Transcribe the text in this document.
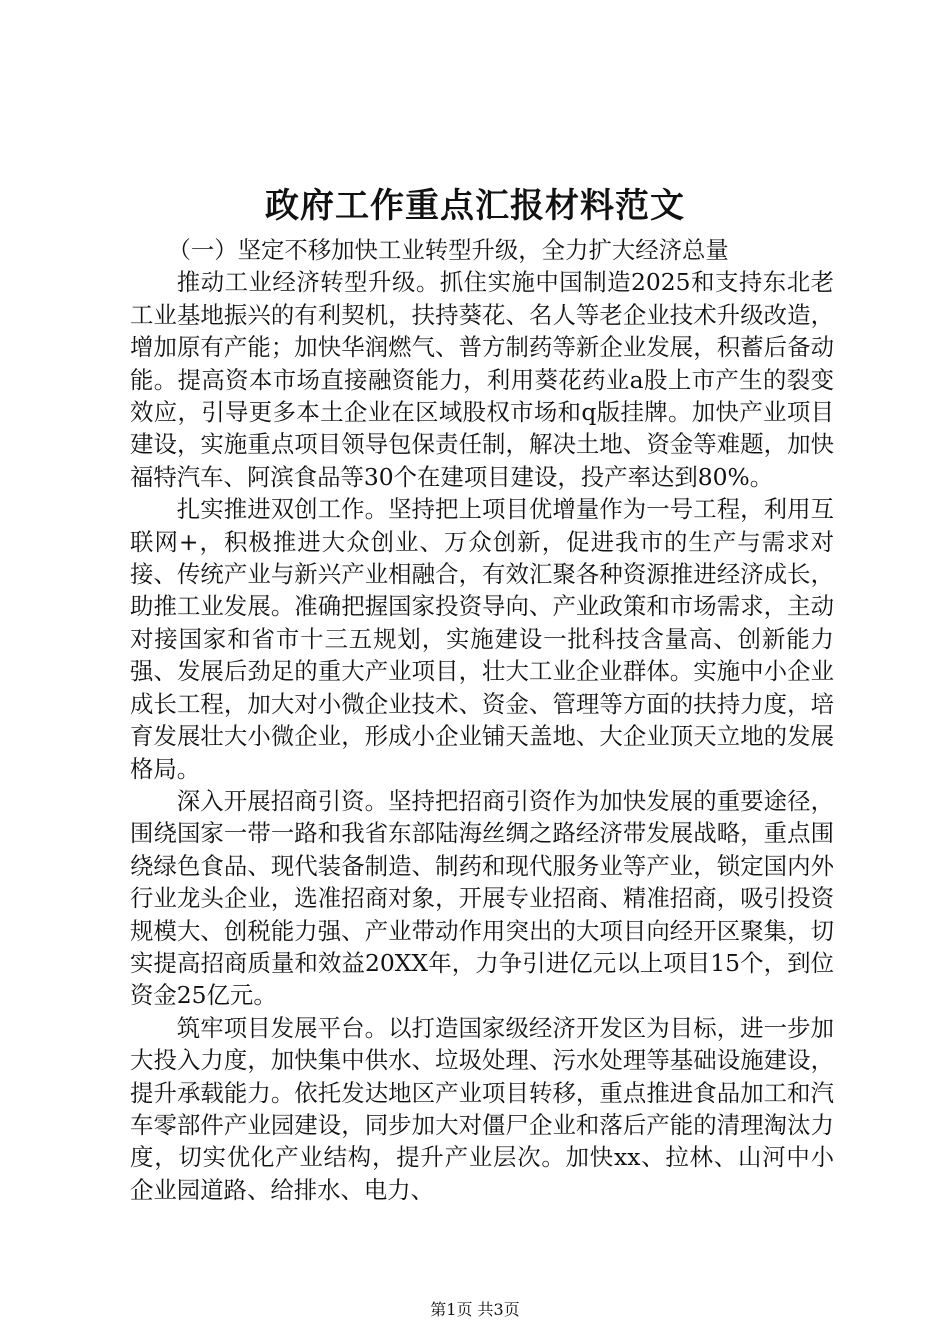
政府工作重点汇报材料范文

（一）坚定不移加快工业转型升级，全力扩大经济总量

推动工业经济转型升级。抓住实施中国制造2025和支持东北老工业基地振兴的有利契机，扶持葵花、名人等老企业技术升级改造，增加原有产能；加快华润燃气、普方制药等新企业发展，积蓄后备动能。提高资本市场直接融资能力，利用葵花药业a股上市产生的裂变效应，引导更多本土企业在区域股权市场和q版挂牌。加快产业项目建设，实施重点项目领导包保责任制，解决土地、资金等难题，加快福特汽车、阿滨食品等30个在建项目建设，投产率达到80%。

扎实推进双创工作。坚持把上项目优增量作为一号工程，利用互联网+，积极推进大众创业、万众创新，促进我市的生产与需求对接、传统产业与新兴产业相融合，有效汇聚各种资源推进经济成长，助推工业发展。准确把握国家投资导向、产业政策和市场需求，主动对接国家和省市十三五规划，实施建设一批科技含量高、创新能力强、发展后劲足的重大产业项目，壮大工业企业群体。实施中小企业成长工程，加大对小微企业技术、资金、管理等方面的扶持力度，培育发展壮大小微企业，形成小企业铺天盖地、大企业顶天立地的发展格局。

深入开展招商引资。坚持把招商引资作为加快发展的重要途径，围绕国家一带一路和我省东部陆海丝绸之路经济带发展战略，重点围绕绿色食品、现代装备制造、制药和现代服务业等产业，锁定国内外行业龙头企业，选准招商对象，开展专业招商、精准招商，吸引投资规模大、创税能力强、产业带动作用突出的大项目向经开区聚集，切实提高招商质量和效益20XX年，力争引进亿元以上项目15个，到位资金25亿元。

筑牢项目发展平台。以打造国家级经济开发区为目标，进一步加大投入力度，加快集中供水、垃圾处理、污水处理等基础设施建设，提升承载能力。依托发达地区产业项目转移，重点推进食品加工和汽车零部件产业园建设，同步加大对僵尸企业和落后产能的清理淘汰力度，切实优化产业结构，提升产业层次。加快xx、拉林、山河中小企业园道路、给排水、电力、

第1页 共3页
